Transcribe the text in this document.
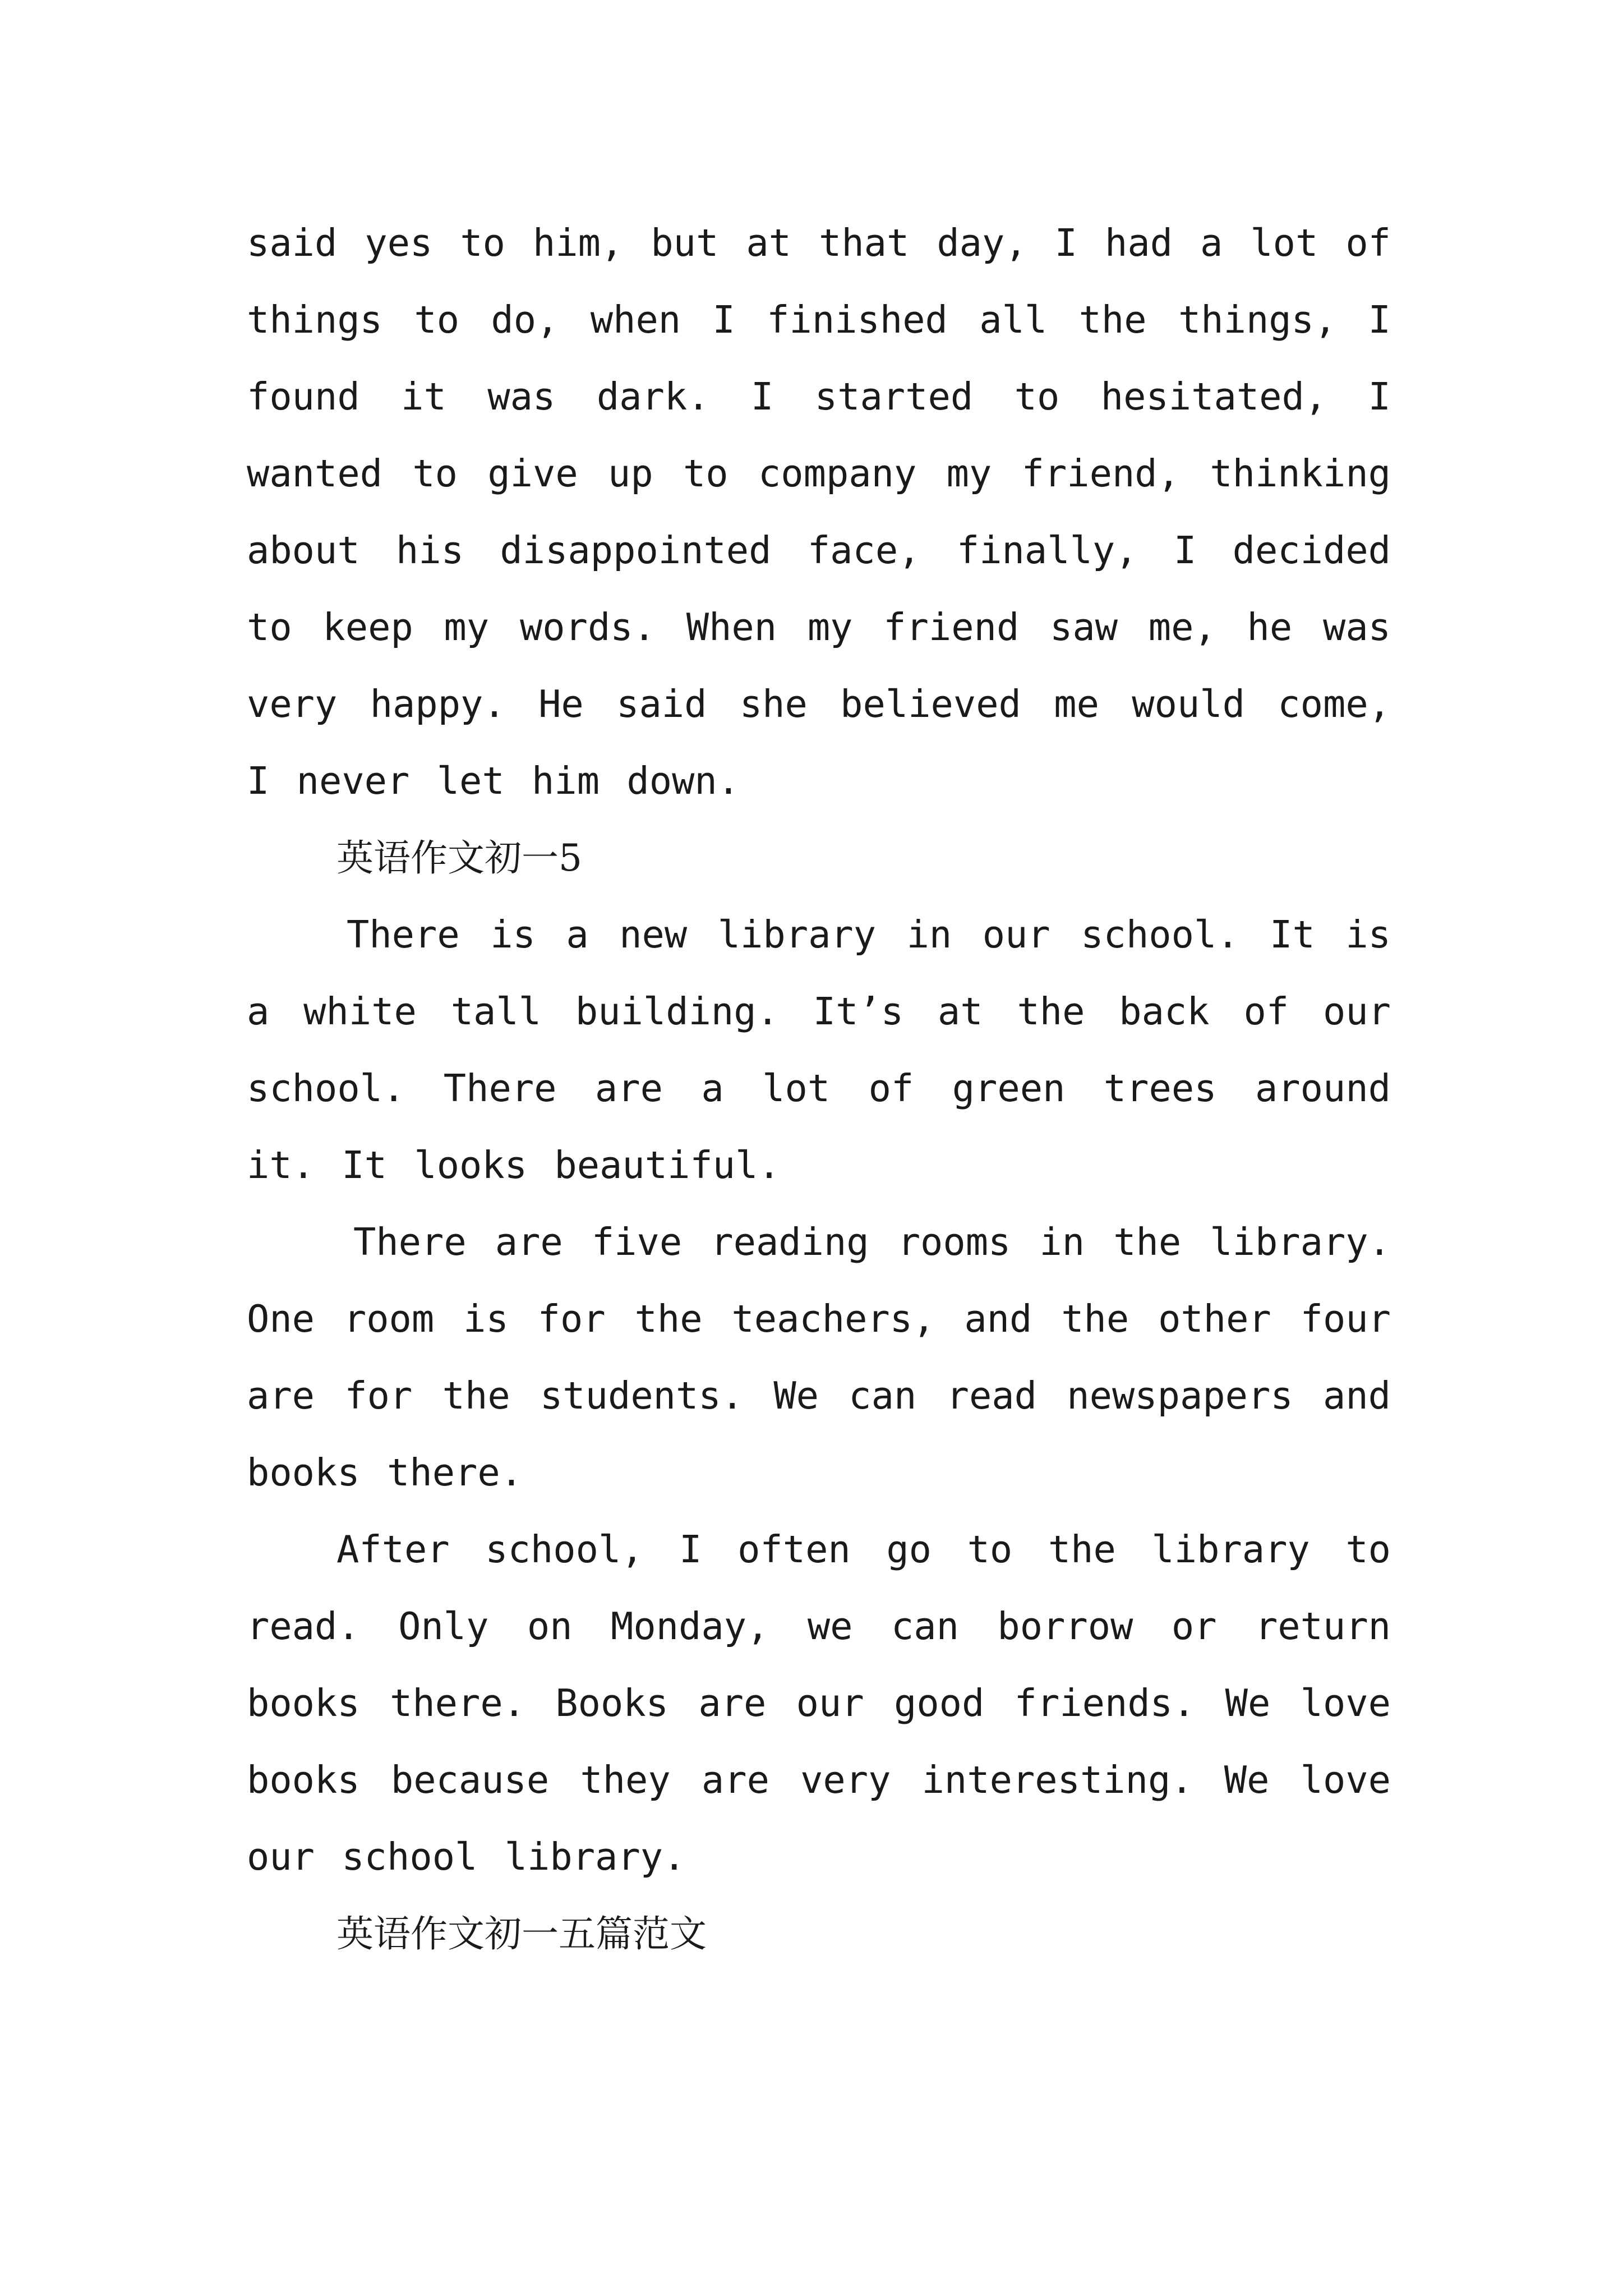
said yes to him, but at that day, I had a lot of things to do, when I finished all the things, I found it was dark. I started to hesitated, I wanted to give up to company my friend, thinking about his disappointed face, finally, I decided to keep my words. When my friend saw me, he was very happy. He said she believed me would come, I never let him down.

英语作文初一5

There is a new library in our school. It is a white tall building. It’s at the back of our school. There are a lot of green trees around it. It looks beautiful.

There are five reading rooms in the library. One room is for the teachers, and the other four are for the students. We can read newspapers and books there.

After school, I often go to the library to read. Only on Monday, we can borrow or return books there. Books are our good friends. We love books because they are very interesting. We love our school library.

英语作文初一五篇范文
